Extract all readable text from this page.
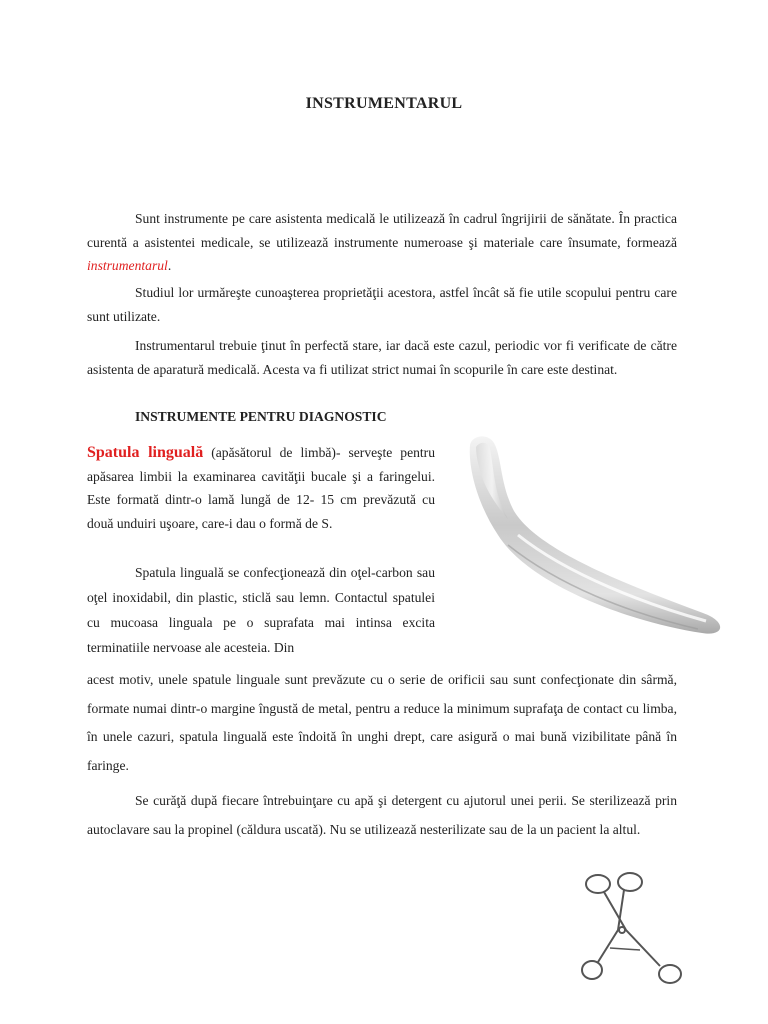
INSTRUMENTARUL

Sunt instrumente pe care asistenta medicală le utilizează în cadrul îngrijirii de sănătate. În practica curentă a asistentei medicale, se utilizează instrumente numeroase şi materiale care însumate, formează instrumentarul.

Studiul lor urmăreşte cunoaşterea proprietăţii acestora, astfel încât să fie utile scopului pentru care sunt utilizate.

Instrumentarul trebuie ţinut în perfectă stare, iar dacă este cazul, periodic vor fi verificate de către asistenta de aparatură medicală. Acesta va fi utilizat strict numai în scopurile în care este destinat.

INSTRUMENTE PENTRU DIAGNOSTIC

Spatula linguală (apăsătorul de limbă)- serveşte pentru apăsarea limbii la examinarea cavităţii bucale şi a faringelui. Este formată dintr-o lamă lungă de 12- 15 cm prevăzută cu două unduiri uşoare, care-i dau o formă de S.

Spatula linguală se confecţionează din oţel-carbon sau oţel inoxidabil, din plastic, sticlă sau lemn. Contactul spatulei cu mucoasa linguala pe o suprafata mai intinsa excita terminatiile nervoase ale acesteia. Din

acest motiv, unele spatule linguale sunt prevăzute cu o serie de orificii sau sunt confecţionate din sârmă, formate numai dintr-o margine îngustă de metal, pentru a reduce la minimum suprafaţa de contact cu limba, în unele cazuri, spatula linguală este îndoită în unghi drept, care asigură o mai bună vizibilitate până în faringe.

Se curăţă după fiecare întrebuinţare cu apă şi detergent cu ajutorul unei perii. Se sterilizează prin autoclavare sau la propinel (căldura uscată). Nu se utilizează nesterilizate sau de la un pacient la altul.
